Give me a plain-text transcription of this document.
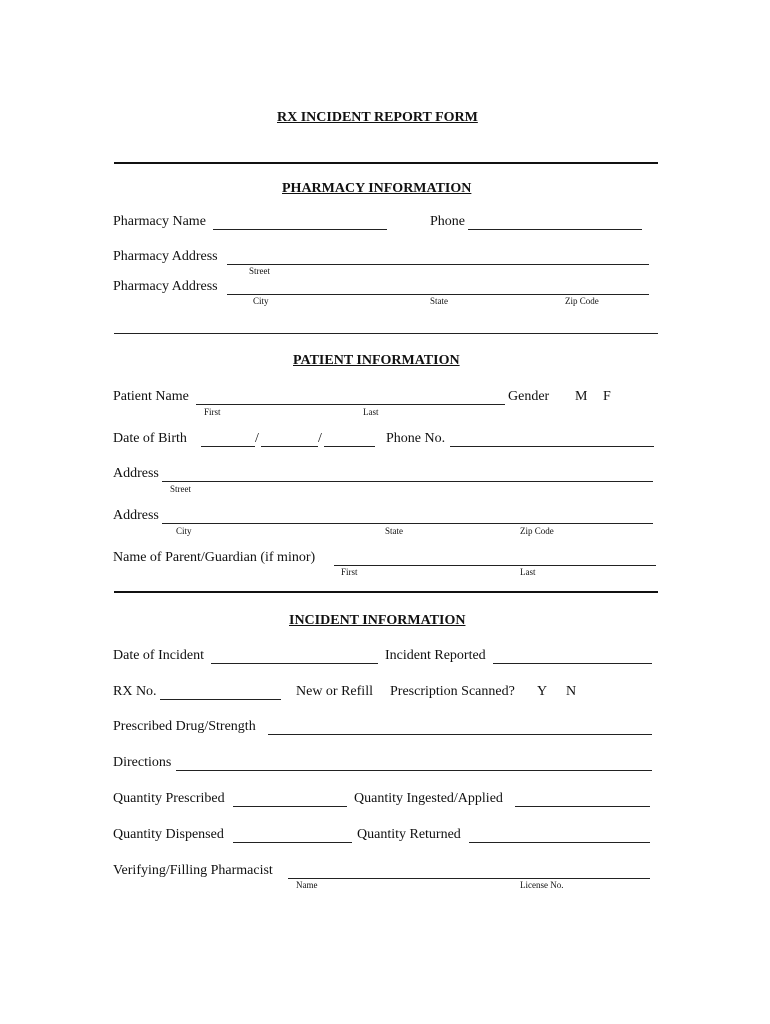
RX INCIDENT REPORT FORM
PHARMACY INFORMATION
Pharmacy Name	Phone
Pharmacy Address
Street
Pharmacy Address
City	State	Zip Code
PATIENT INFORMATION
Patient Name	Gender M F
First	Last
Date of Birth	/	/	Phone No.
Address
Street
Address
City	State	Zip Code
Name of Parent/Guardian (if minor)
First	Last
INCIDENT INFORMATION
Date of Incident	Incident Reported
RX No.	New or Refill Prescription Scanned? Y N
Prescribed Drug/Strength
Directions
Quantity Prescribed	Quantity Ingested/Applied
Quantity Dispensed	Quantity Returned
Verifying/Filling Pharmacist
Name	License No.
